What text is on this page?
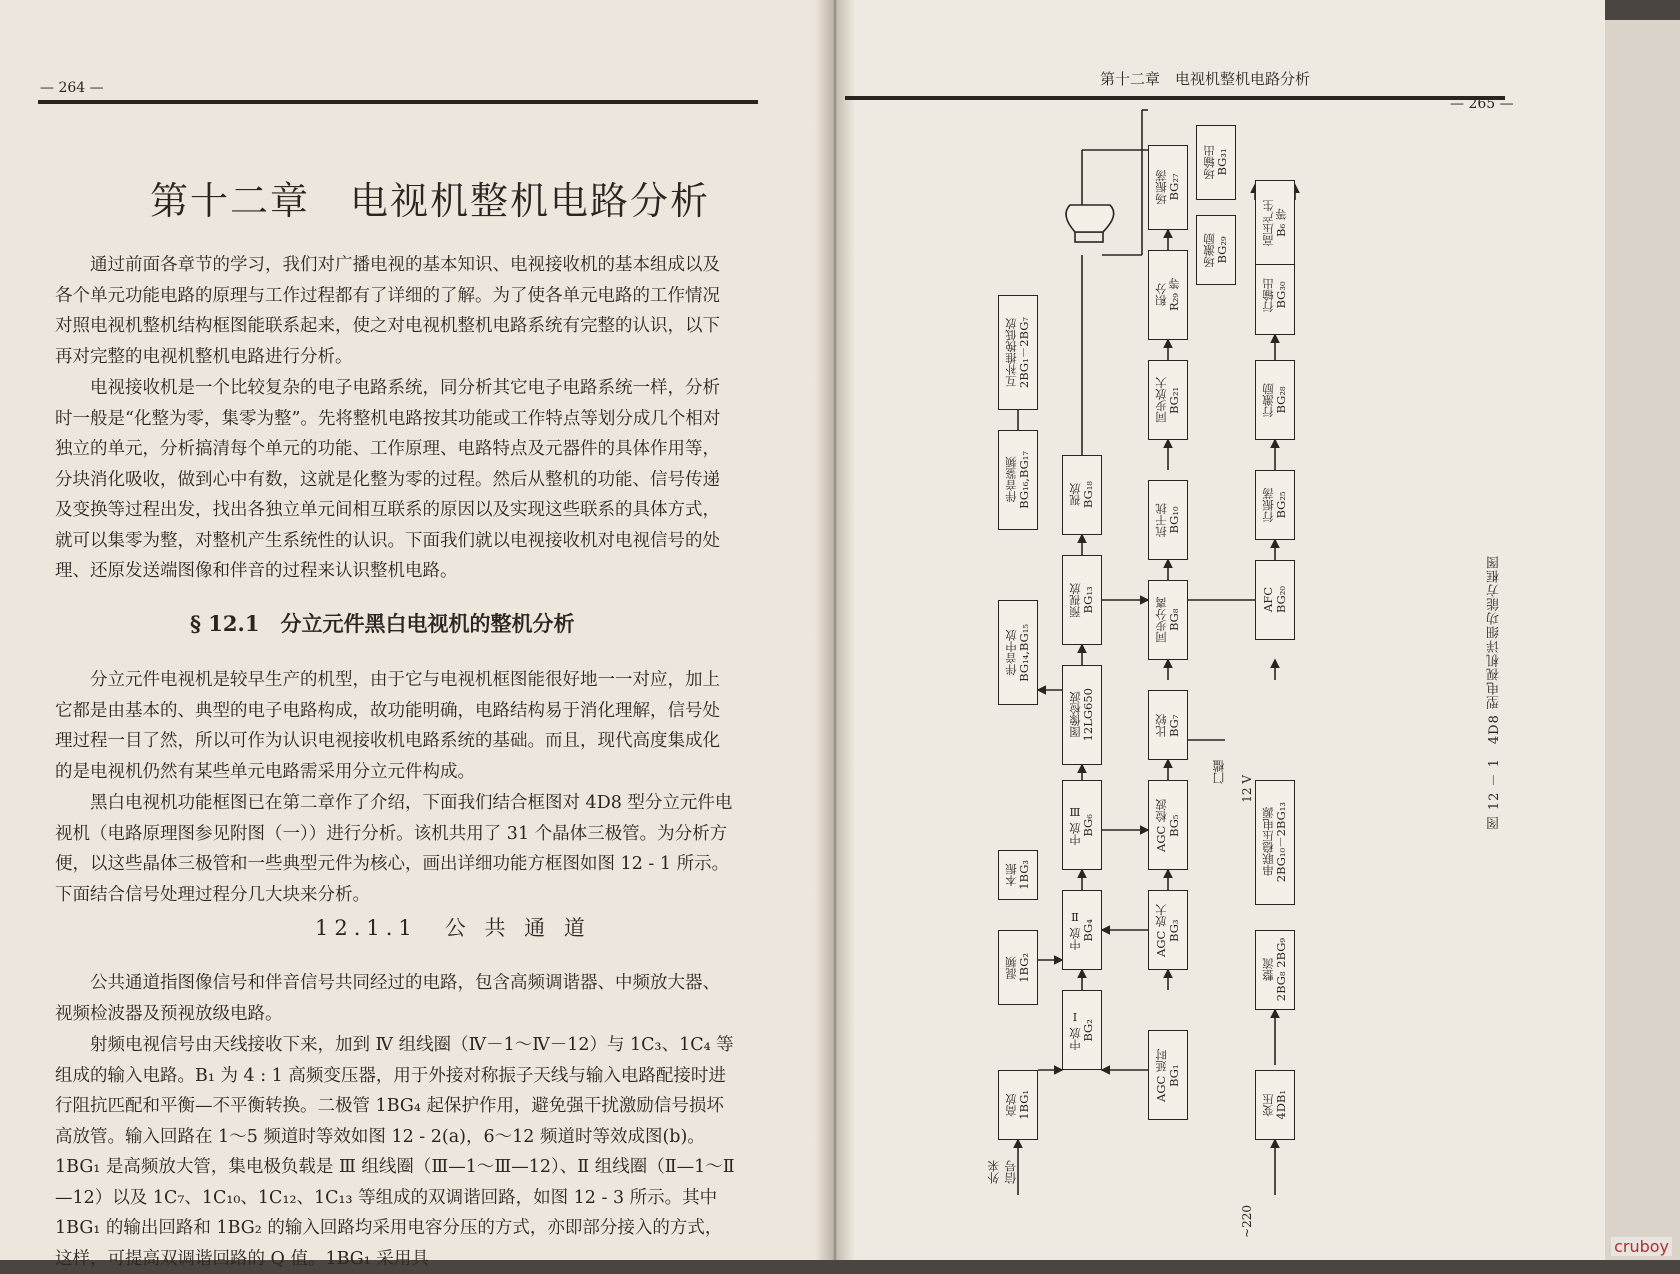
— 264 —
第十二章　电视机整机电路分析

通过前面各章节的学习，我们对广播电视的基本知识、电视接收机的基本组成以及各个单元功能电路的原理与工作过程都有了详细的了解。为了使各单元电路的工作情况对照电视机整机结构框图能联系起来，使之对电视机整机电路系统有完整的认识，以下再对完整的电视机整机电路进行分析。

电视接收机是一个比较复杂的电子电路系统，同分析其它电子电路系统一样，分析时一般是“化整为零，集零为整”。先将整机电路按其功能或工作特点等划分成几个相对独立的单元，分析搞清每个单元的功能、工作原理、电路特点及元器件的具体作用等，分块消化吸收，做到心中有数，这就是化整为零的过程。然后从整机的功能、信号传递及变换等过程出发，找出各独立单元间相互联系的原因以及实现这些联系的具体方式，就可以集零为整，对整机产生系统性的认识。下面我们就以电视接收机对电视信号的处理、还原发送端图像和伴音的过程来认识整机电路。

§ 12.1　分立元件黑白电视机的整机分析

分立元件电视机是较早生产的机型，由于它与电视机框图能很好地一一对应，加上它都是由基本的、典型的电子电路构成，故功能明确，电路结构易于消化理解，信号处理过程一目了然，所以可作为认识电视接收机电路系统的基础。而且，现代高度集成化的是电视机仍然有某些单元电路需采用分立元件构成。

黑白电视机功能框图已在第二章作了介绍，下面我们结合框图对 4D8 型分立元件电视机（电路原理图参见附图（一））进行分析。该机共用了 31 个晶体三极管。为分析方便，以这些晶体三极管和一些典型元件为核心，画出详细功能方框图如图 12 - 1 所示。下面结合信号处理过程分几大块来分析。

12.1.1　公 共 通 道

公共通道指图像信号和伴音信号共同经过的电路，包含高频调谐器、中频放大器、视频检波器及预视放级电路。

射频电视信号由天线接收下来，加到 Ⅳ 组线圈（Ⅳ－1～Ⅳ－12）与 1C₃、1C₄ 等组成的输入电路。B₁ 为 4 : 1 高频变压器，用于外接对称振子天线与输入电路配接时进行阻抗匹配和平衡—不平衡转换。二极管 1BG₄ 起保护作用，避免强干扰激励信号损坏高放管。输入回路在 1～5 频道时等效如图 12 - 2(a)，6～12 频道时等效成图(b)。1BG₁ 是高频放大管，集电极负载是 Ⅲ 组线圈（Ⅲ—1～Ⅲ—12）、Ⅱ 组线圈（Ⅱ—1～Ⅱ—12）以及 1C₇、1C₁₀、1C₁₂、1C₁₃ 等组成的双调谐回路，如图 12 - 3 所示。其中 1BG₁ 的输出回路和 1BG₂ 的输入回路均采用电容分压的方式，亦即部分接入的方式，这样，可提高双调谐回路的 Q 值。1BG₁ 采用具

第十二章　电视机整机电路分析
— 265 —
高放
1BG₁
混频
1BG₂
本振
1BG₃
伴音中放
BG₁₄,BG₁₅
伴音鉴频
BG₁₆,BG₁₇
互补推挽低放
2BG₁－2BG₇
中放 Ⅰ
BG₂
中放 Ⅱ
BG₄
中放 Ⅲ
BG₆
图像检波
12LG650
预视放
BG₁₃
视放
BG₁₈
AGC 延时
BG₁
AGC 放大
BG₃
AGC 检波
BG₅
比较
BG₇
同步分离
BG₈
抗干扰
BG₁₀
同步放大
BG₂₁
积分
R₂₉ 等
场振荡
BG₂₇
变压
4DB₁
整流
2BG₈ 2BG₉
串联稳压电源
2BG₁₀－2BG₁₃
AFC
BG₂₀
行振荡
BG₂₅
行激励
BG₂₈
行输出
BG₃₀
场激励
BG₂₉
场输出
BG₃₁
高压产生
B₆ 等
外来
信号
门槛
12 V
~220
图 12 － 1　4D8 型电视机详细功能方框图
cruboy
